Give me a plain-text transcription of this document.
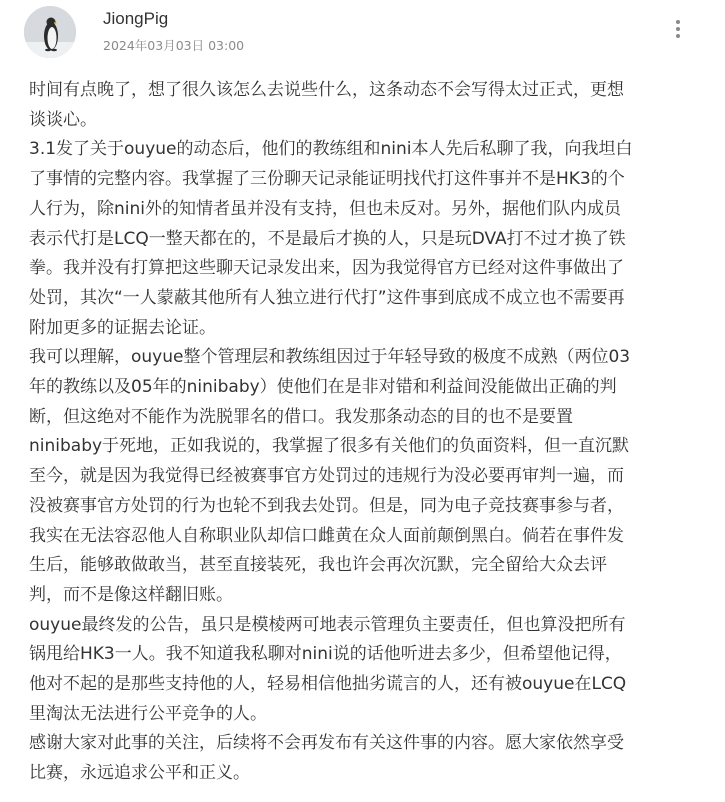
JiongPig
2024年03月03日 03:00
时间有点晚了，想了很久该怎么去说些什么，这条动态不会写得太过正式，更想
谈谈心。
3.1发了关于ouyue的动态后，他们的教练组和nini本人先后私聊了我，向我坦白
了事情的完整内容。我掌握了三份聊天记录能证明找代打这件事并不是HK3的个
人行为，除nini外的知情者虽并没有支持，但也未反对。另外，据他们队内成员
表示代打是LCQ一整天都在的，不是最后才换的人，只是玩DVA打不过才换了铁
拳。我并没有打算把这些聊天记录发出来，因为我觉得官方已经对这件事做出了
处罚，其次“一人蒙蔽其他所有人独立进行代打”这件事到底成不成立也不需要再
附加更多的证据去论证。
我可以理解，ouyue整个管理层和教练组因过于年轻导致的极度不成熟（两位03
年的教练以及05年的ninibaby）使他们在是非对错和利益间没能做出正确的判
断，但这绝对不能作为洗脱罪名的借口。我发那条动态的目的也不是要置
ninibaby于死地，正如我说的，我掌握了很多有关他们的负面资料，但一直沉默
至今，就是因为我觉得已经被赛事官方处罚过的违规行为没必要再审判一遍，而
没被赛事官方处罚的行为也轮不到我去处罚。但是，同为电子竞技赛事参与者，
我实在无法容忍他人自称职业队却信口雌黄在众人面前颠倒黑白。倘若在事件发
生后，能够敢做敢当，甚至直接装死，我也许会再次沉默，完全留给大众去评
判，而不是像这样翻旧账。
ouyue最终发的公告，虽只是模棱两可地表示管理负主要责任，但也算没把所有
锅甩给HK3一人。我不知道我私聊对nini说的话他听进去多少，但希望他记得，
他对不起的是那些支持他的人，轻易相信他拙劣谎言的人，还有被ouyue在LCQ
里淘汰无法进行公平竞争的人。
感谢大家对此事的关注，后续将不会再发布有关这件事的内容。愿大家依然享受
比赛，永远追求公平和正义。
